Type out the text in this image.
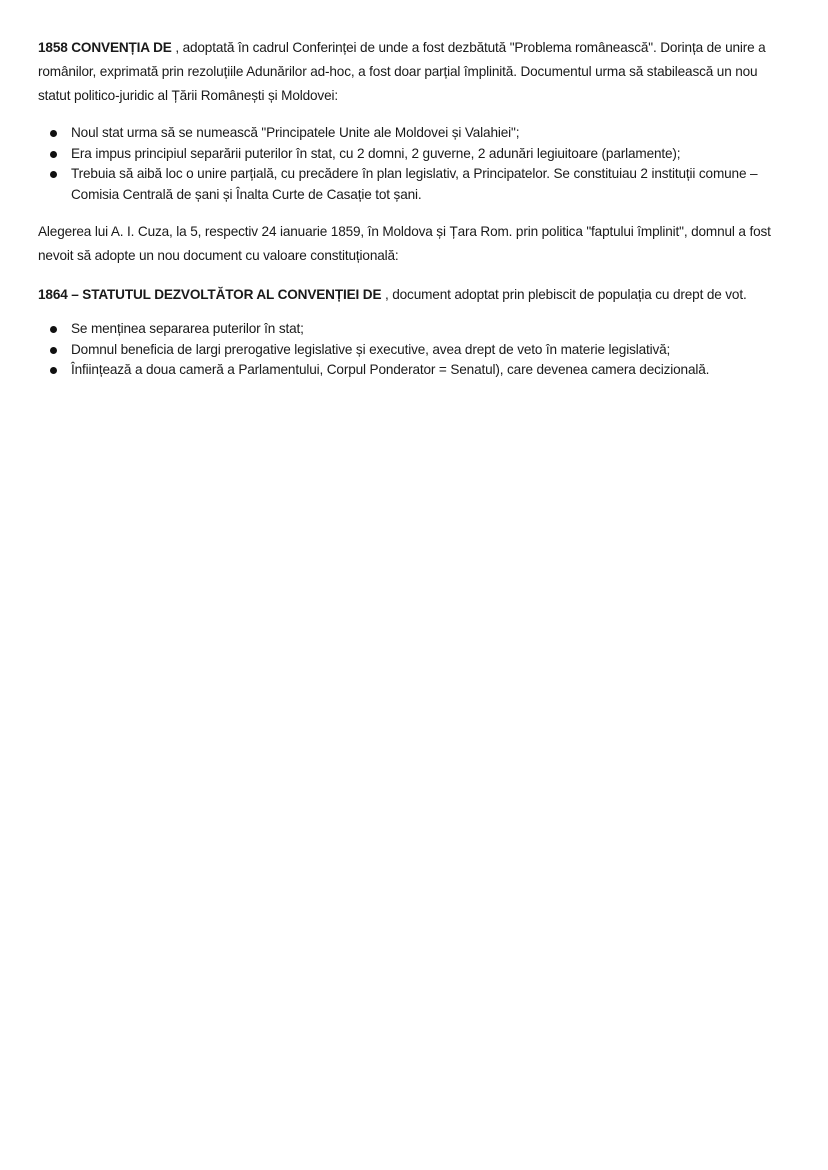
1858 CONVENȚIA DE , adoptată în cadrul Conferinței de unde a fost dezbătută "Problema românească". Dorința de unire a românilor, exprimată prin rezoluțiile Adunărilor ad-hoc, a fost doar parțial împlinită. Documentul urma să stabilească un nou statut politico-juridic al Țării Românești și Moldovei:

Noul stat urma să se numească "Principatele Unite ale Moldovei și Valahiei";
Era impus principiul separării puterilor în stat, cu 2 domni, 2 guverne, 2 adunări legiuitoare (parlamente);
Trebuia să aibă loc o unire parțială, cu precădere în plan legislativ, a Principatelor. Se constituiau 2 instituții comune – Comisia Centrală de șani și Înalta Curte de Casație tot șani.

Alegerea lui A. I. Cuza, la 5, respectiv 24 ianuarie 1859, în Moldova și Țara Rom. prin politica "faptului împlinit", domnul a fost nevoit să adopte un nou document cu valoare constituțională:

1864 – STATUTUL DEZVOLTĂTOR AL CONVENȚIEI DE , document adoptat prin plebiscit de populația cu drept de vot.

Se menținea separarea puterilor în stat;
Domnul beneficia de largi prerogative legislative și executive, avea drept de veto în materie legislativă;
Înființează a doua cameră a Parlamentului, Corpul Ponderator = Senatul), care devenea camera decizională.
